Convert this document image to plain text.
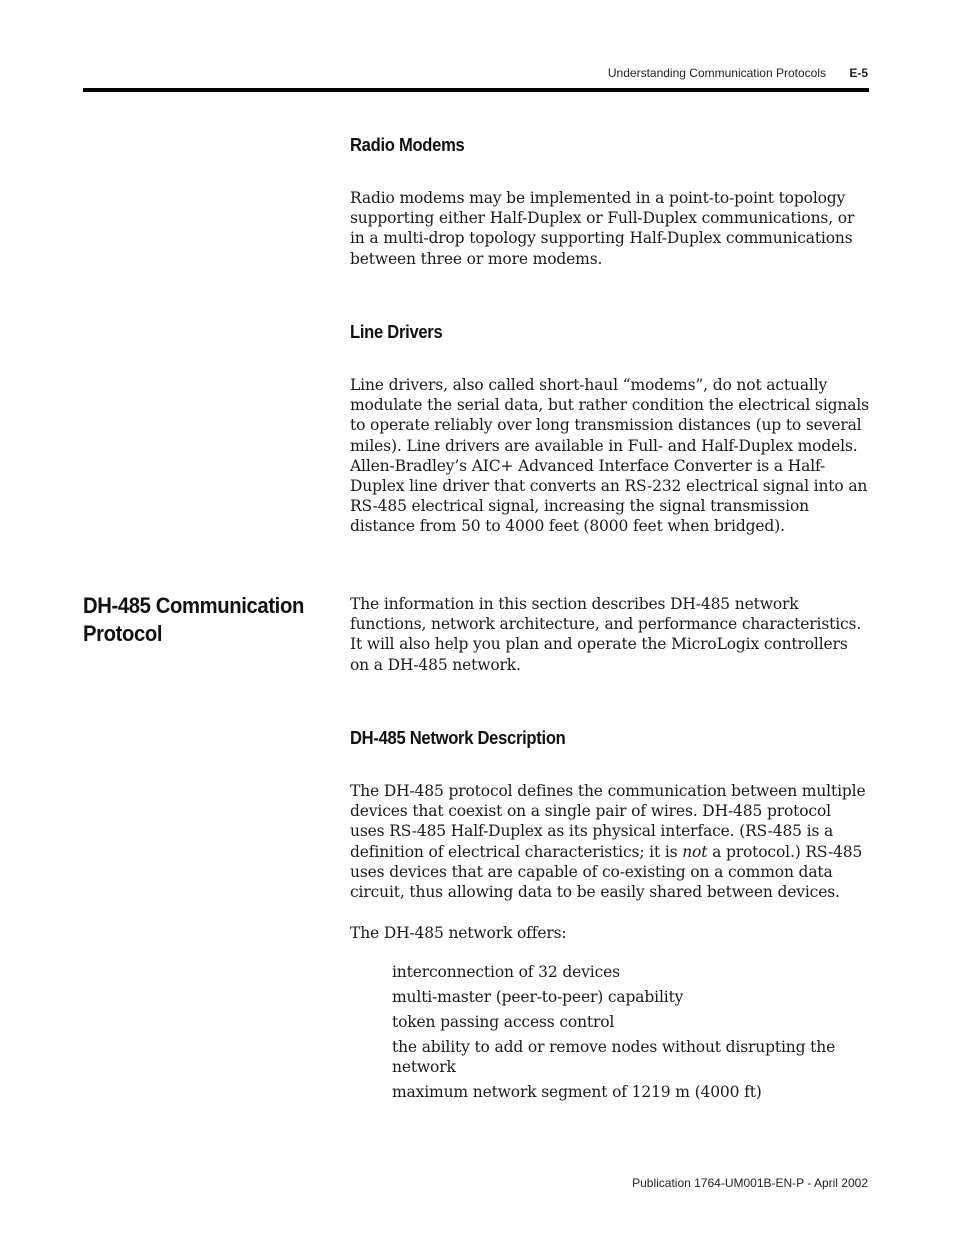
Understanding Communication Protocols E-5
Radio Modems

Radio modems may be implemented in a point-to-point topology supporting either Half-Duplex or Full-Duplex communications, or in a multi-drop topology supporting Half-Duplex communications between three or more modems.

Line Drivers

Line drivers, also called short-haul “modems”, do not actually modulate the serial data, but rather condition the electrical signals to operate reliably over long transmission distances (up to several miles). Line drivers are available in Full- and Half-Duplex models. Allen-Bradley’s AIC+ Advanced Interface Converter is a Half-Duplex line driver that converts an RS-232 electrical signal into an RS-485 electrical signal, increasing the signal transmission distance from 50 to 4000 feet (8000 feet when bridged).

DH-485 Communication Protocol

The information in this section describes DH-485 network functions, network architecture, and performance characteristics. It will also help you plan and operate the MicroLogix controllers on a DH-485 network.

DH-485 Network Description

The DH-485 protocol defines the communication between multiple devices that coexist on a single pair of wires. DH-485 protocol uses RS-485 Half-Duplex as its physical interface. (RS-485 is a definition of electrical characteristics; it is not a protocol.) RS-485 uses devices that are capable of co-existing on a common data circuit, thus allowing data to be easily shared between devices.

The DH-485 network offers:

interconnection of 32 devices
multi-master (peer-to-peer) capability
token passing access control
the ability to add or remove nodes without disrupting the network
maximum network segment of 1219 m (4000 ft)
Publication 1764-UM001B-EN-P - April 2002
